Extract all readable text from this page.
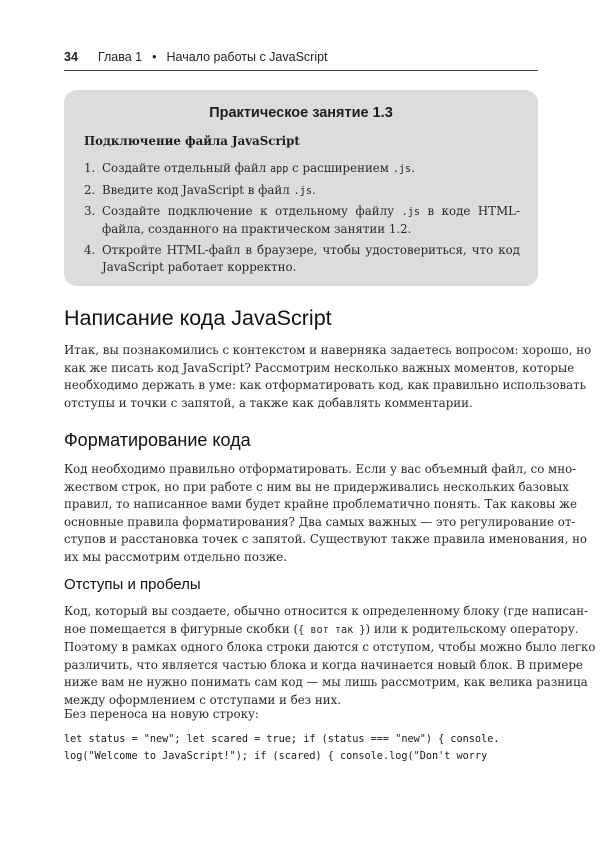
34 Глава 1 • Начало работы с JavaScript
Практическое занятие 1.3
Подключение файла JavaScript
1. Создайте отдельный файл app с расширением .js.
2. Введите код JavaScript в файл .js.
3. Создайте подключение к отдельному файлу .js в коде HTML-файла, созданного на практическом занятии 1.2.
4. Откройте HTML-файл в браузере, чтобы удостовериться, что код JavaScript работает корректно.
Написание кода JavaScript

Итак, вы познакомились с контекстом и наверняка задаетесь вопросом: хорошо, но
как же писать код JavaScript? Рассмотрим несколько важных моментов, которые
необходимо держать в уме: как отформатировать код, как правильно использовать
отступы и точки с запятой, а также как добавлять комментарии.

Форматирование кода

Код необходимо правильно отформатировать. Если у вас объемный файл, со мно-
жеством строк, но при работе с ним вы не придерживались нескольких базовых
правил, то написанное вами будет крайне проблематично понять. Так каковы же
основные правила форматирования? Два самых важных — это регулирование от-
ступов и расстановка точек с запятой. Существуют также правила именования, но
их мы рассмотрим отдельно позже.

Отступы и пробелы

Код, который вы создаете, обычно относится к определенному блоку (где написан-
ное помещается в фигурные скобки ({ вот так }) или к родительскому оператору.
Поэтому в рамках одного блока строки даются с отступом, чтобы можно было легко
различить, что является частью блока и когда начинается новый блок. В примере
ниже вам не нужно понимать сам код — мы лишь рассмотрим, как велика разница
между оформлением с отступами и без них.

Без переноса на новую строку:

let status = "new"; let scared = true; if (status === "new") { console.
log("Welcome to JavaScript!"); if (scared) { console.log("Don't worry
